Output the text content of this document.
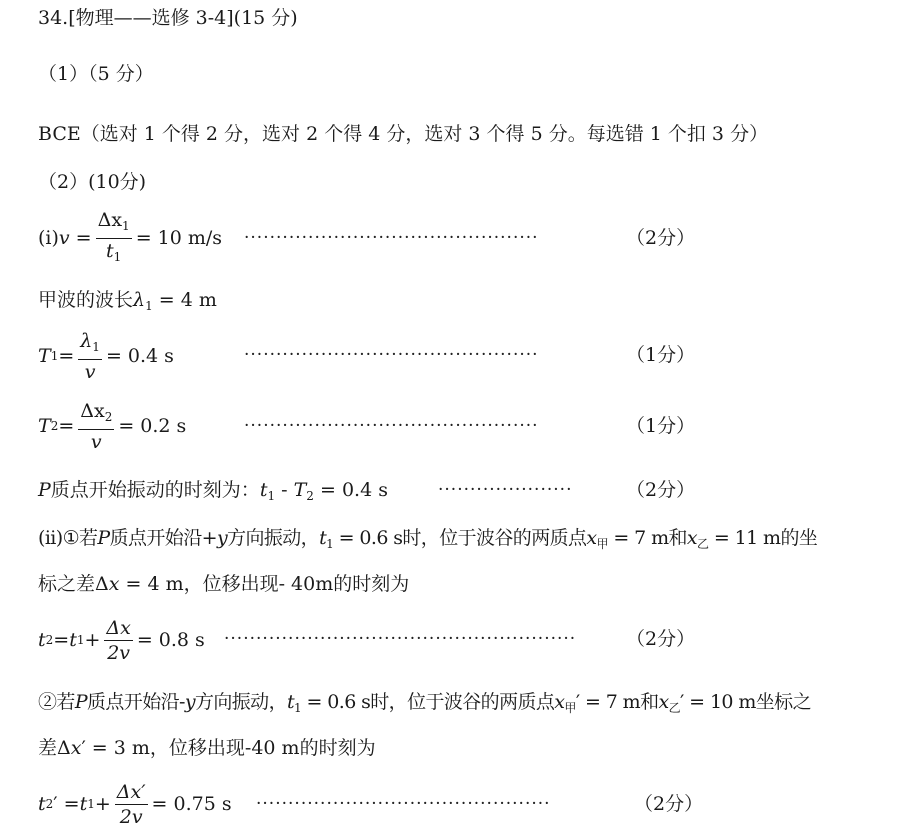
34.[物理——选修 3-4](15 分)
（1）（5 分）
BCE（选对 1 个得 2 分，选对 2 个得 4 分，选对 3 个得 5 分。每选错 1 个扣 3 分）
（2）(10分)
(i) $v = \frac{\Delta x_1}{t_1} = 10$ m/s ··············································	（2分）
甲波的波长$\lambda_1 = 4$ m
T $1 = \frac{\lambda_1}{v} = 0.4$ s	··············································	（1分）
T $2 = \frac{\Delta x_2}{v} = 0.2$ s	··············································	（1分）
P质点开始振动的时刻为：$t_1 - T_2 = 0.4$ s	·····················	（2分）
(ii)①若P质点开始沿+y方向振动，$t_1 = 0.6$ s时，位于波谷的两质点$x_甲 = 7$ m和$x_乙 = 11$ m的坐
标之差Δx = 4 m，位移出现- 40m的时刻为
t 2 = t $1 + \frac{\Delta x}{2v} = 0.8$ s ·······················································	（2分）
②若P质点开始沿-y方向振动，$t_1 = 0.6$ s时，位于波谷的两质点$x_甲' = 7$ m和$x_乙' = 10$ m坐标之
差Δx′ = 3 m，位移出现-40 m的时刻为
t 2 ′ = t $1 + \frac{\Delta x'}{2v} = 0.75$ s ··············································	（2分）
